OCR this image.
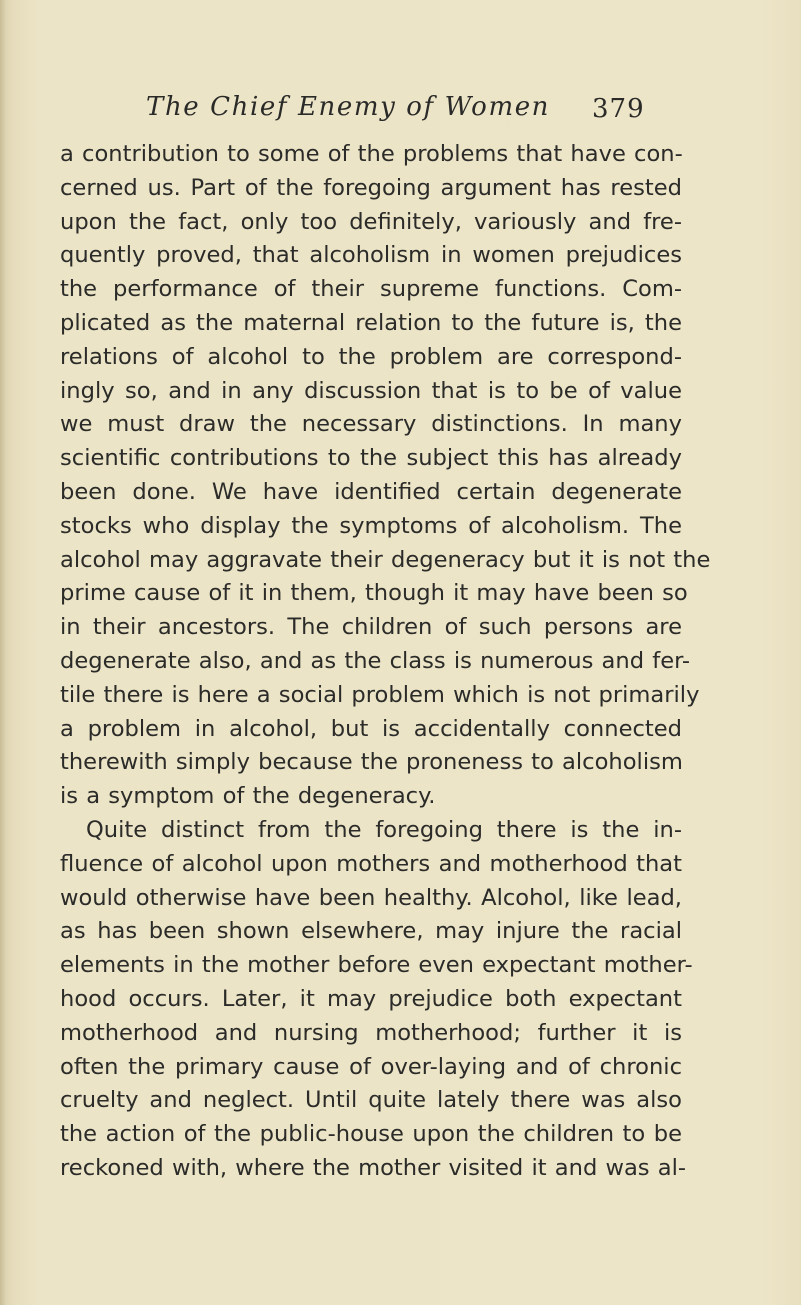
The Chief Enemy of Women 379
a contribution to some of the problems that have con-
cerned us. Part of the foregoing argument has rested
upon the fact, only too definitely, variously and fre-
quently proved, that alcoholism in women prejudices
the performance of their supreme functions. Com-
plicated as the maternal relation to the future is, the
relations of alcohol to the problem are correspond-
ingly so, and in any discussion that is to be of value
we must draw the necessary distinctions. In many
scientific contributions to the subject this has already
been done. We have identified certain degenerate
stocks who display the symptoms of alcoholism. The
alcohol may aggravate their degeneracy but it is not the
prime cause of it in them, though it may have been so
in their ancestors. The children of such persons are
degenerate also, and as the class is numerous and fer-
tile there is here a social problem which is not primarily
a problem in alcohol, but is accidentally connected
therewith simply because the proneness to alcoholism
is a symptom of the degeneracy.
Quite distinct from the foregoing there is the in-
fluence of alcohol upon mothers and motherhood that
would otherwise have been healthy. Alcohol, like lead,
as has been shown elsewhere, may injure the racial
elements in the mother before even expectant mother-
hood occurs. Later, it may prejudice both expectant
motherhood and nursing motherhood; further it is
often the primary cause of over-laying and of chronic
cruelty and neglect. Until quite lately there was also
the action of the public-house upon the children to be
reckoned with, where the mother visited it and was al-
